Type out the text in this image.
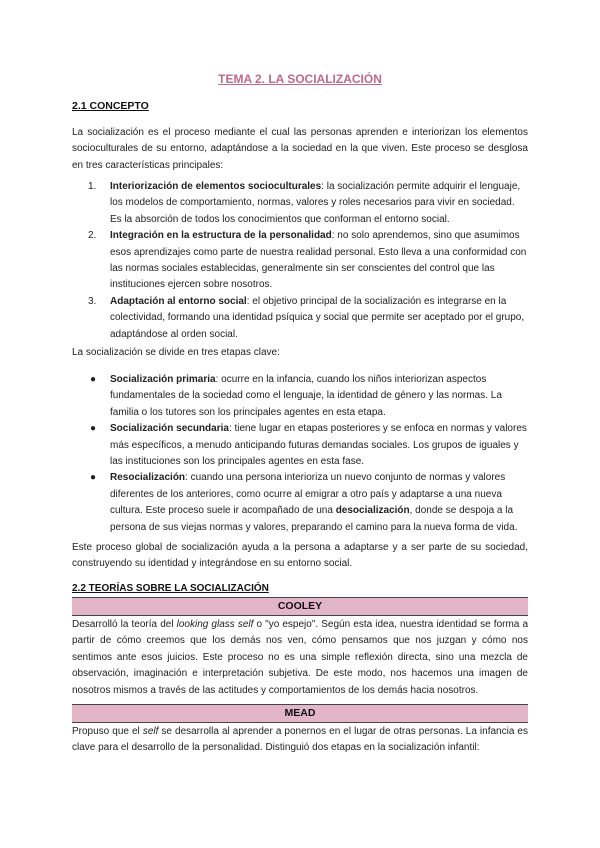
TEMA 2. LA SOCIALIZACIÓN
2.1 CONCEPTO
La socialización es el proceso mediante el cual las personas aprenden e interiorizan los elementos socioculturales de su entorno, adaptándose a la sociedad en la que viven. Este proceso se desglosa en tres características principales:
1. Interiorización de elementos socioculturales: la socialización permite adquirir el lenguaje, los modelos de comportamiento, normas, valores y roles necesarios para vivir en sociedad. Es la absorción de todos los conocimientos que conforman el entorno social.
2. Integración en la estructura de la personalidad: no solo aprendemos, sino que asumimos esos aprendizajes como parte de nuestra realidad personal. Esto lleva a una conformidad con las normas sociales establecidas, generalmente sin ser conscientes del control que las instituciones ejercen sobre nosotros.
3. Adaptación al entorno social: el objetivo principal de la socialización es integrarse en la colectividad, formando una identidad psíquica y social que permite ser aceptado por el grupo, adaptándose al orden social.
La socialización se divide en tres etapas clave:
● Socialización primaria: ocurre en la infancia, cuando los niños interiorizan aspectos fundamentales de la sociedad como el lenguaje, la identidad de género y las normas. La familia o los tutores son los principales agentes en esta etapa.
● Socialización secundaria: tiene lugar en etapas posteriores y se enfoca en normas y valores más específicos, a menudo anticipando futuras demandas sociales. Los grupos de iguales y las instituciones son los principales agentes en esta fase.
● Resocialización: cuando una persona interioriza un nuevo conjunto de normas y valores diferentes de los anteriores, como ocurre al emigrar a otro país y adaptarse a una nueva cultura. Este proceso suele ir acompañado de una desocialización, donde se despoja a la persona de sus viejas normas y valores, preparando el camino para la nueva forma de vida.
Este proceso global de socialización ayuda a la persona a adaptarse y a ser parte de su sociedad, construyendo su identidad y integrándose en su entorno social.
2.2 TEORÍAS SOBRE LA SOCIALIZACIÓN
COOLEY
Desarrolló la teoría del looking glass self o "yo espejo". Según esta idea, nuestra identidad se forma a partir de cómo creemos que los demás nos ven, cómo pensamos que nos juzgan y cómo nos sentimos ante esos juicios. Este proceso no es una simple reflexión directa, sino una mezcla de observación, imaginación e interpretación subjetiva. De este modo, nos hacemos una imagen de nosotros mismos a través de las actitudes y comportamientos de los demás hacia nosotros.
MEAD
Propuso que el self se desarrolla al aprender a ponernos en el lugar de otras personas. La infancia es clave para el desarrollo de la personalidad. Distinguió dos etapas en la socialización infantil:
